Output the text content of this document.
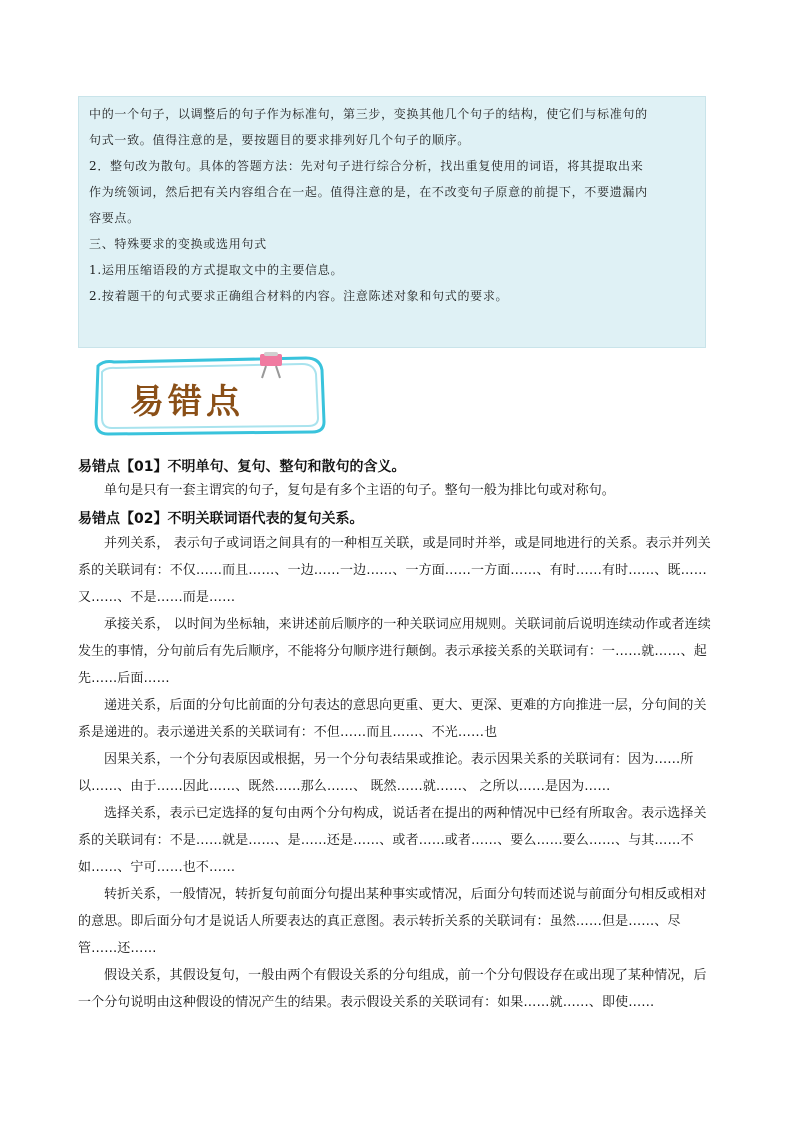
中的一个句子，以调整后的句子作为标准句，第三步，变换其他几个句子的结构，使它们与标准句的
句式一致。值得注意的是，要按题目的要求排列好几个句子的顺序。
2．整句改为散句。具体的答题方法：先对句子进行综合分析，找出重复使用的词语，将其提取出来
作为统领词，然后把有关内容组合在一起。值得注意的是，在不改变句子原意的前提下，不要遗漏内
容要点。
三、特殊要求的变换或选用句式
1.运用压缩语段的方式提取文中的主要信息。
2.按着题干的句式要求正确组合材料的内容。注意陈述对象和句式的要求。
易错点

易错点【01】不明单句、复句、整句和散句的含义。

单句是只有一套主谓宾的句子，复句是有多个主语的句子。整句一般为排比句或对称句。

易错点【02】不明关联词语代表的复句关系。

并列关系， 表示句子或词语之间具有的一种相互关联，或是同时并举，或是同地进行的关系。表示并列关系的关联词有：不仅……而且……、一边……一边……、一方面……一方面……、有时……有时……、既……又……、不是……而是……

承接关系， 以时间为坐标轴，来讲述前后顺序的一种关联词应用规则。关联词前后说明连续动作或者连续发生的事情，分句前后有先后顺序，不能将分句顺序进行颠倒。表示承接关系的关联词有：一……就……、起先……后面……

递进关系，后面的分句比前面的分句表达的意思向更重、更大、更深、更难的方向推进一层，分句间的关系是递进的。表示递进关系的关联词有：不但……而且……、不光……也

因果关系，一个分句表原因或根据，另一个分句表结果或推论。表示因果关系的关联词有：因为……所以……、由于……因此……、既然……那么……、 既然……就……、 之所以……是因为……

选择关系，表示已定选择的复句由两个分句构成，说话者在提出的两种情况中已经有所取舍。表示选择关系的关联词有：不是……就是……、是……还是……、或者……或者……、要么……要么……、与其……不如……、宁可……也不……

转折关系，一般情况，转折复句前面分句提出某种事实或情况，后面分句转而述说与前面分句相反或相对的意思。即后面分句才是说话人所要表达的真正意图。表示转折关系的关联词有：虽然……但是……、尽管……还……

假设关系，其假设复句，一般由两个有假设关系的分句组成，前一个分句假设存在或出现了某种情况，后一个分句说明由这种假设的情况产生的结果。表示假设关系的关联词有：如果……就……、即使……
